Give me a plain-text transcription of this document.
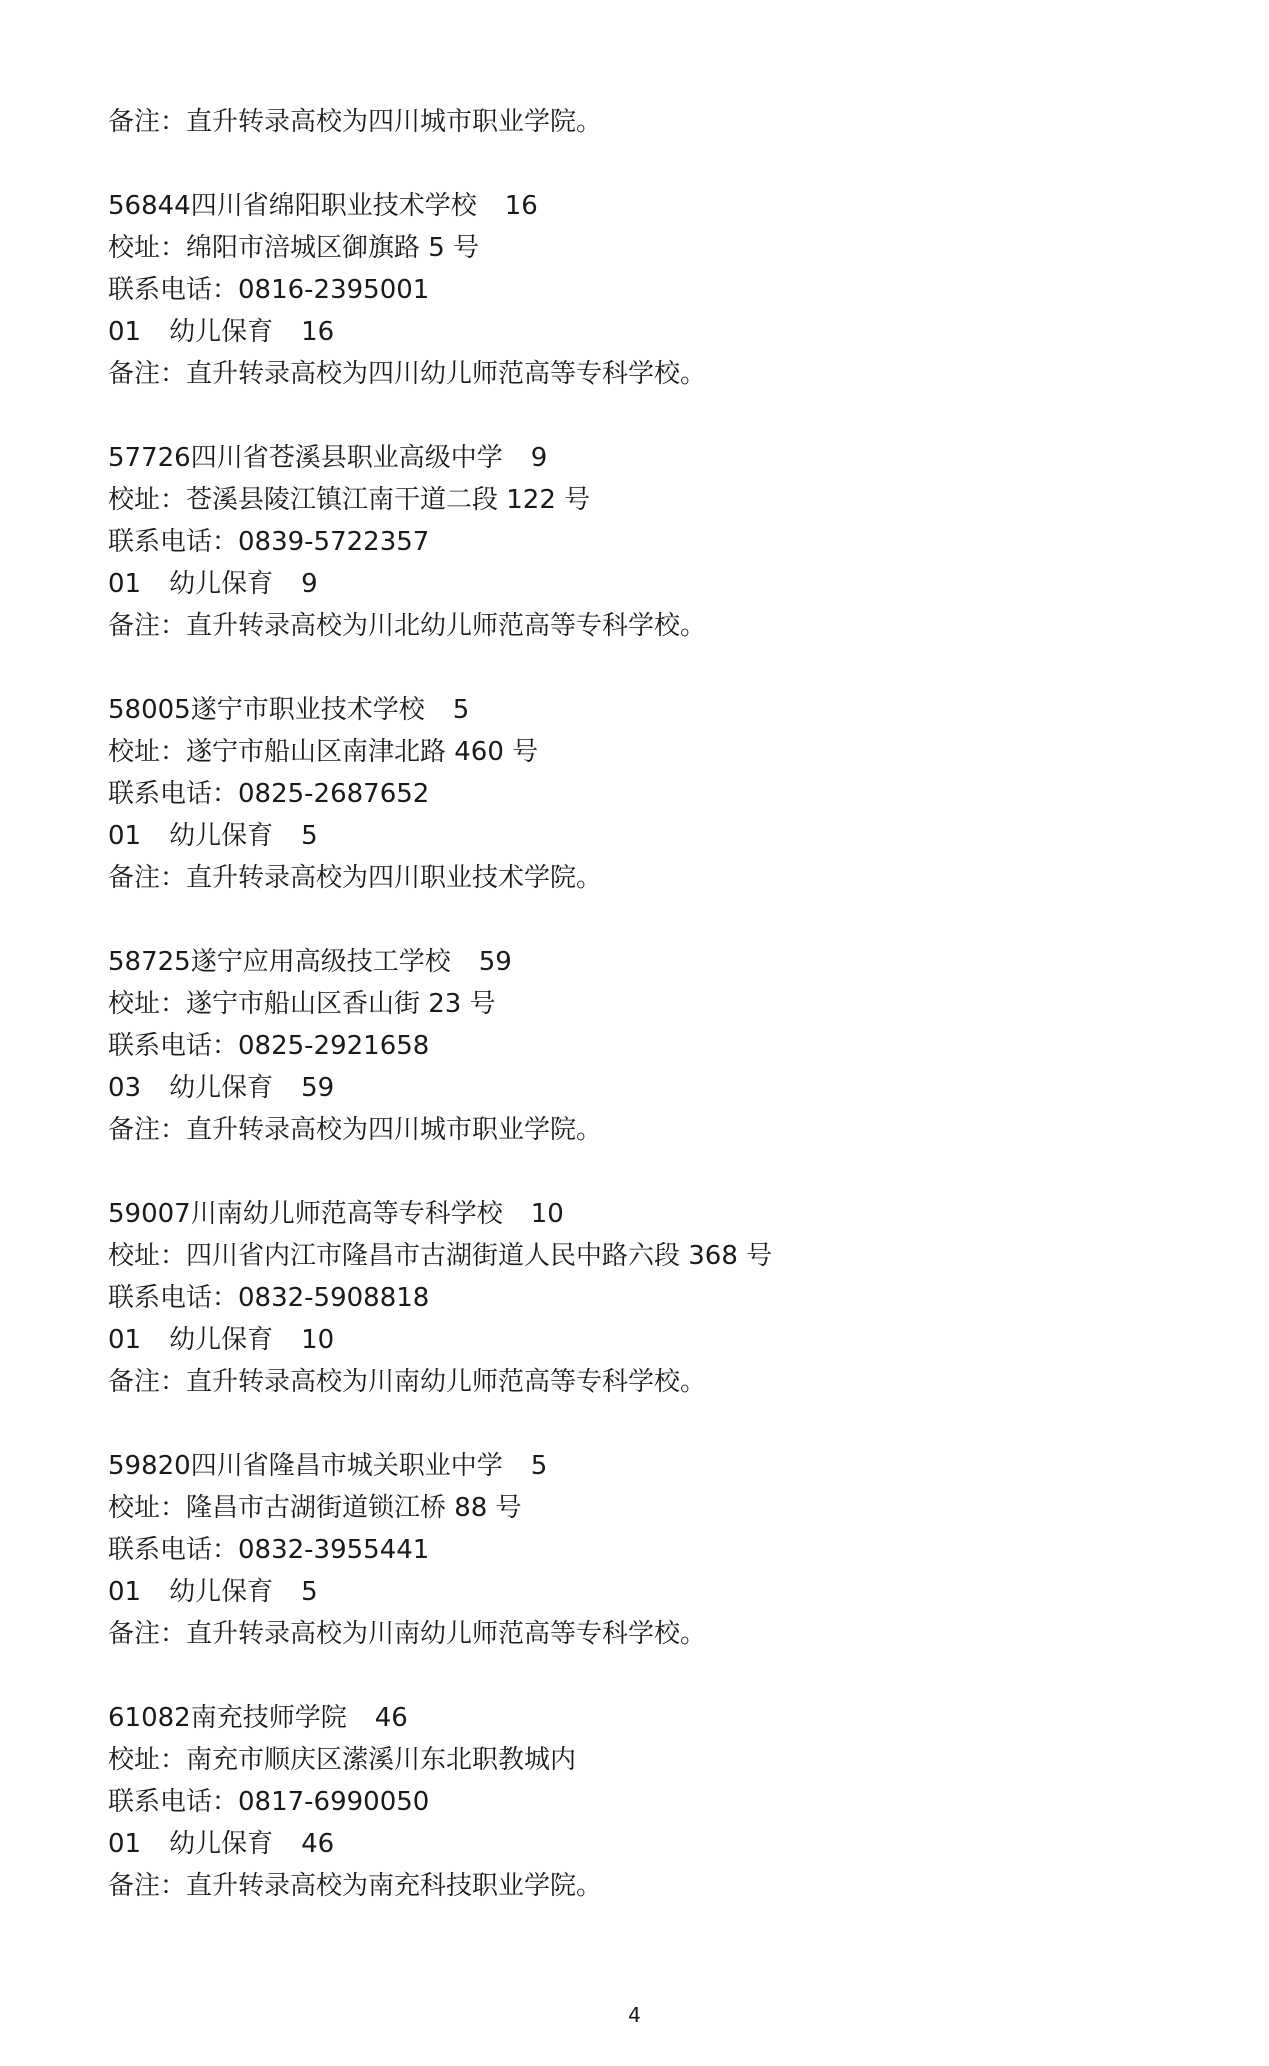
备注：直升转录高校为四川城市职业学院。
56844四川省绵阳职业技术学校 16
校址：绵阳市涪城区御旗路 5 号
联系电话：0816-2395001
01 幼儿保育 16
备注：直升转录高校为四川幼儿师范高等专科学校。
57726四川省苍溪县职业高级中学 9
校址：苍溪县陵江镇江南干道二段 122 号
联系电话：0839-5722357
01 幼儿保育 9
备注：直升转录高校为川北幼儿师范高等专科学校。
58005遂宁市职业技术学校 5
校址：遂宁市船山区南津北路 460 号
联系电话：0825-2687652
01 幼儿保育 5
备注：直升转录高校为四川职业技术学院。
58725遂宁应用高级技工学校 59
校址：遂宁市船山区香山街 23 号
联系电话：0825-2921658
03 幼儿保育 59
备注：直升转录高校为四川城市职业学院。
59007川南幼儿师范高等专科学校 10
校址：四川省内江市隆昌市古湖街道人民中路六段 368 号
联系电话：0832-5908818
01 幼儿保育 10
备注：直升转录高校为川南幼儿师范高等专科学校。
59820四川省隆昌市城关职业中学 5
校址：隆昌市古湖街道锁江桥 88 号
联系电话：0832-3955441
01 幼儿保育 5
备注：直升转录高校为川南幼儿师范高等专科学校。
61082南充技师学院 46
校址：南充市顺庆区潆溪川东北职教城内
联系电话：0817-6990050
01 幼儿保育 46
备注：直升转录高校为南充科技职业学院。
4
